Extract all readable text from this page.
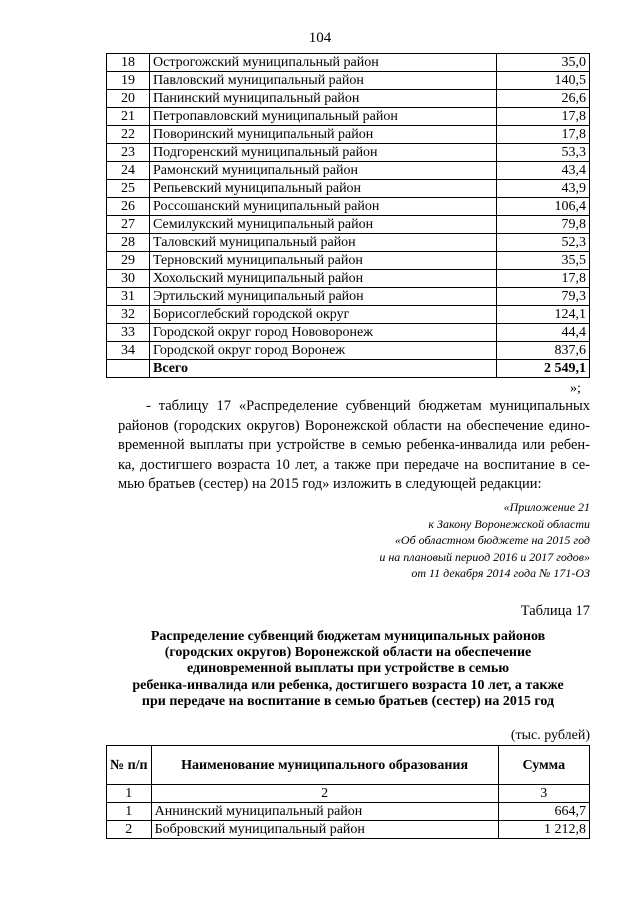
104
18	Острогожский муниципальный район	35,0
19	Павловский муниципальный район	140,5
20	Панинский муниципальный район	26,6
21	Петропавловский муниципальный район	17,8
22	Поворинский муниципальный район	17,8
23	Подгоренский муниципальный район	53,3
24	Рамонский муниципальный район	43,4
25	Репьевский муниципальный район	43,9
26	Россошанский муниципальный район	106,4
27	Семилукский муниципальный район	79,8
28	Таловский муниципальный район	52,3
29	Терновский муниципальный район	35,5
30	Хохольский муниципальный район	17,8
31	Эртильский муниципальный район	79,3
32	Борисоглебский городской округ	124,1
33	Городской округ город Нововоронеж	44,4
34	Городской округ город Воронеж	837,6
	Всего	2 549,1
»;
- таблицу 17 «Распределение субвенций бюджетам муниципальных районов (городских округов) Воронежской области на обеспечение едино-временной выплаты при устройстве в семью ребенка-инвалида или ребен-ка, достигшего возраста 10 лет, а также при передаче на воспитание в се-мью братьев (сестер) на 2015 год» изложить в следующей редакции:
«Приложение 21
к Закону Воронежской области
«Об областном бюджете на 2015 год
и на плановый период 2016 и 2017 годов»
от 11 декабря 2014 года № 171-ОЗ
Таблица 17
Распределение субвенций бюджетам муниципальных районов
(городских округов) Воронежской области на обеспечение
единовременной выплаты при устройстве в семью
ребенка-инвалида или ребенка, достигшего возраста 10 лет, а также
при передаче на воспитание в семью братьев (сестер) на 2015 год
(тыс. рублей)
№ п/п	Наименование муниципального образования	Сумма
1	2	3
1	Аннинский муниципальный район	664,7
2	Бобровский муниципальный район	1 212,8
